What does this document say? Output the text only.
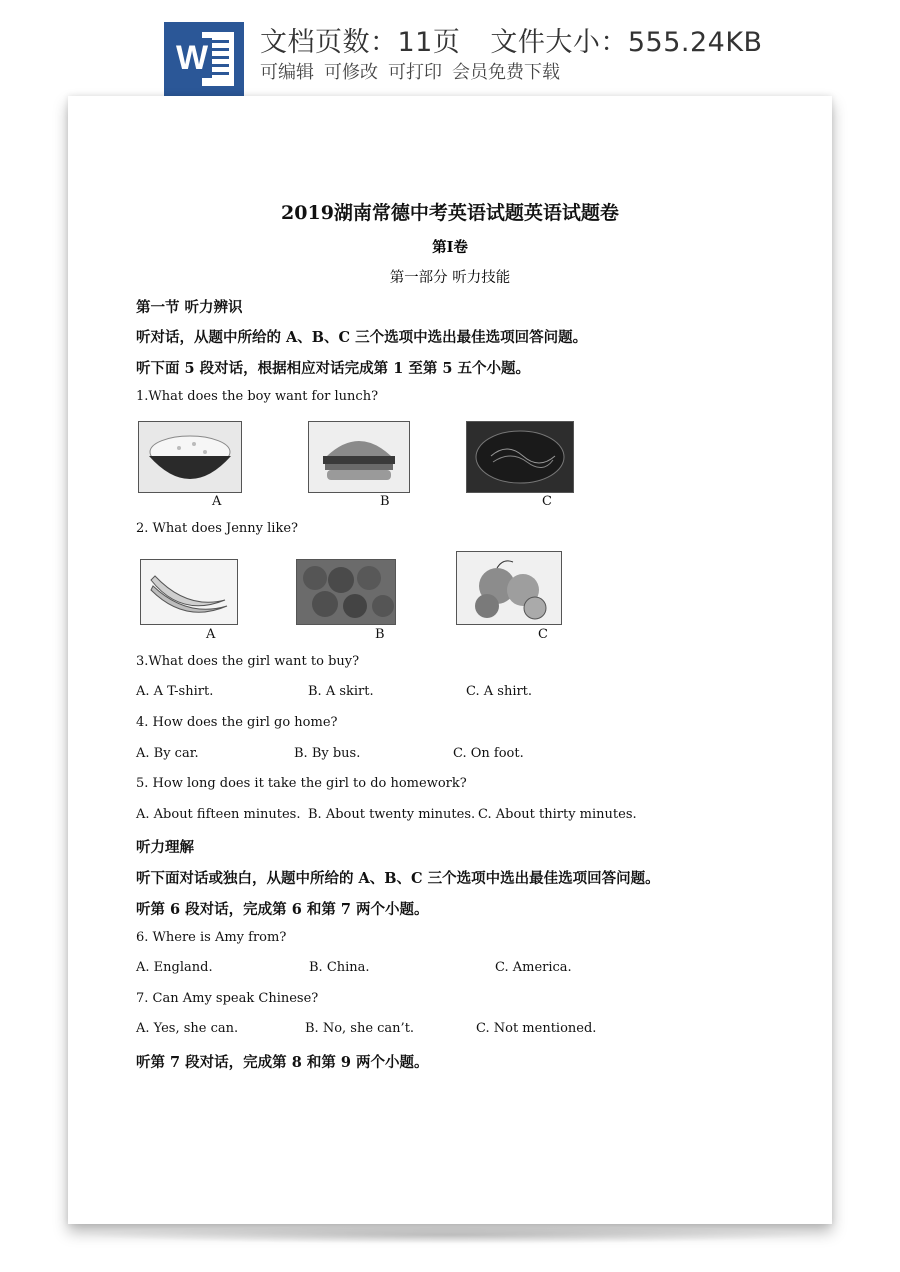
W 文档页数：11页 文件大小：555.24KB
可编辑 可修改 可打印 会员免费下载
2019湖南常德中考英语试题英语试题卷
第Ⅰ卷
第一部分 听力技能
第一节 听力辨识
听对话，从题中所给的 A、B、C 三个选项中选出最佳选项回答问题。
听下面 5 段对话，根据相应对话完成第 1 至第 5 五个小题。
1.What does the boy want for lunch?
A	B	C
2. What does Jenny like?
A	B	C
3.What does the girl want to buy?
A. A T-shirt.	B. A skirt.	C. A shirt.
4. How does the girl go home?
A. By car.	B. By bus.	C. On foot.
5. How long does it take the girl to do homework?
A. About fifteen minutes. B. About twenty minutes. C. About thirty minutes.
听力理解
听下面对话或独白，从题中所给的 A、B、C 三个选项中选出最佳选项回答问题。
听第 6 段对话，完成第 6 和第 7 两个小题。
6. Where is Amy from?
A. England.	B. China.	C. America.
7. Can Amy speak Chinese?
A. Yes, she can.	B. No, she can’t.	C. Not mentioned.
听第 7 段对话，完成第 8 和第 9 两个小题。
